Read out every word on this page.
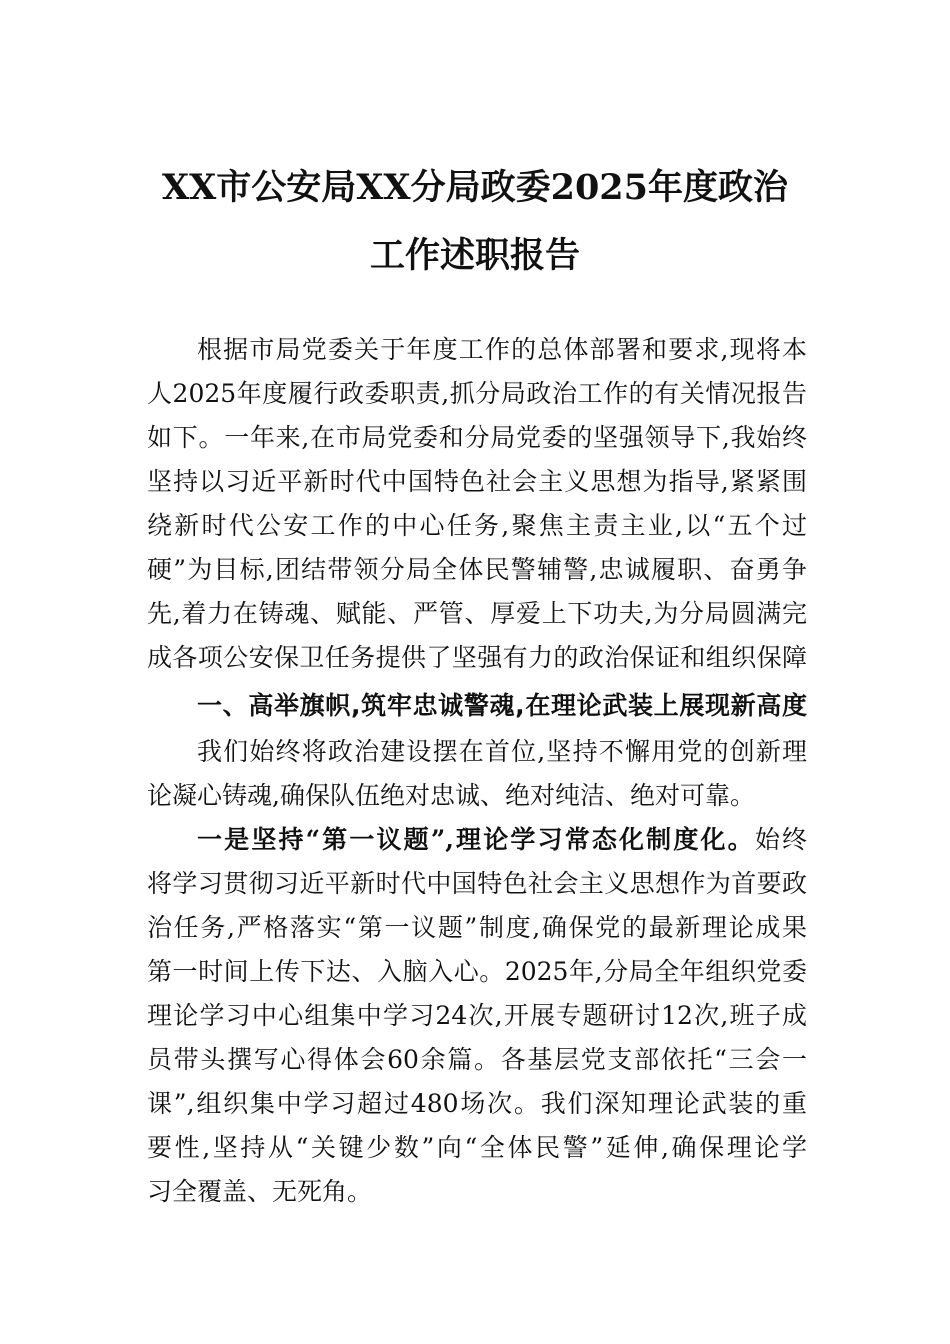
XX市公安局XX分局政委2025年度政治
工作述职报告
根据市局党委关于年度工作的总体部署和要求,现将本
人2025年度履行政委职责,抓分局政治工作的有关情况报告
如下。一年来,在市局党委和分局党委的坚强领导下,我始终
坚持以习近平新时代中国特色社会主义思想为指导,紧紧围
绕新时代公安工作的中心任务,聚焦主责主业,以“五个过
硬”为目标,团结带领分局全体民警辅警,忠诚履职、奋勇争
先,着力在铸魂、赋能、严管、厚爱上下功夫,为分局圆满完
成各项公安保卫任务提供了坚强有力的政治保证和组织保障
一、高举旗帜,筑牢忠诚警魂,在理论武装上展现新高度
我们始终将政治建设摆在首位,坚持不懈用党的创新理
论凝心铸魂,确保队伍绝对忠诚、绝对纯洁、绝对可靠。
一是坚持“第一议题”,理论学习常态化制度化。始终
将学习贯彻习近平新时代中国特色社会主义思想作为首要政
治任务,严格落实“第一议题”制度,确保党的最新理论成果
第一时间上传下达、入脑入心。2025年,分局全年组织党委
理论学习中心组集中学习24次,开展专题研讨12次,班子成
员带头撰写心得体会60余篇。各基层党支部依托“三会一
课”,组织集中学习超过480场次。我们深知理论武装的重
要性,坚持从“关键少数”向“全体民警”延伸,确保理论学
习全覆盖、无死角。
